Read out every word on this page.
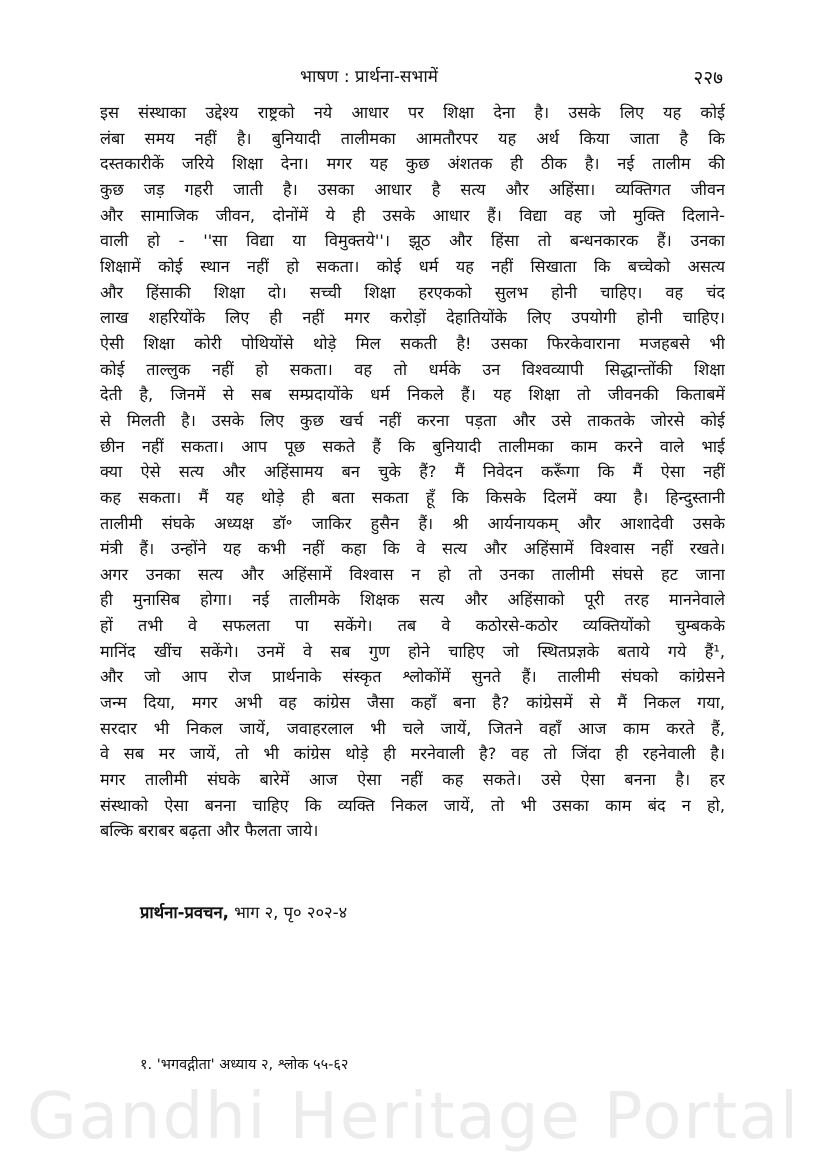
भाषण : प्रार्थना-सभामें	२२७
इस संस्थाका उद्देश्य राष्ट्रको नये आधार पर शिक्षा देना है। उसके लिए यह कोई
लंबा समय नहीं है। बुनियादी तालीमका आमतौरपर यह अर्थ किया जाता है कि
दस्तकारीकें जरिये शिक्षा देना। मगर यह कुछ अंशतक ही ठीक है। नई तालीम की
कुछ जड़ गहरी जाती है। उसका आधार है सत्य और अहिंसा। व्यक्तिगत जीवन
और सामाजिक जीवन, दोनोंमें ये ही उसके आधार हैं। विद्या वह जो मुक्ति दिलाने-
वाली हो - ''सा विद्या या विमुक्तये''। झूठ और हिंसा तो बन्धनकारक हैं। उनका
शिक्षामें कोई स्थान नहीं हो सकता। कोई धर्म यह नहीं सिखाता कि बच्चेको असत्य
और हिंसाकी शिक्षा दो। सच्ची शिक्षा हरएकको सुलभ होनी चाहिए। वह चंद
लाख शहरियोंके लिए ही नहीं मगर करोड़ों देहातियोंके लिए उपयोगी होनी चाहिए।
ऐसी शिक्षा कोरी पोथियोंसे थोड़े मिल सकती है! उसका फिरकेवाराना मजहबसे भी
कोई ताल्लुक नहीं हो सकता। वह तो धर्मके उन विश्वव्यापी सिद्धान्तोंकी शिक्षा
देती है, जिनमें से सब सम्प्रदायोंके धर्म निकले हैं। यह शिक्षा तो जीवनकी किताबमें
से मिलती है। उसके लिए कुछ खर्च नहीं करना पड़ता और उसे ताकतके जोरसे कोई
छीन नहीं सकता। आप पूछ सकते हैं कि बुनियादी तालीमका काम करने वाले भाई
क्या ऐसे सत्य और अहिंसामय बन चुके हैं? मैं निवेदन करूँगा कि मैं ऐसा नहीं
कह सकता। मैं यह थोड़े ही बता सकता हूँ कि किसके दिलमें क्या है। हिन्दुस्तानी
तालीमी संघके अध्यक्ष डॉ॰ जाकिर हुसैन हैं। श्री आर्यनायकम् और आशादेवी उसके
मंत्री हैं। उन्होंने यह कभी नहीं कहा कि वे सत्य और अहिंसामें विश्वास नहीं रखते।
अगर उनका सत्य और अहिंसामें विश्वास न हो तो उनका तालीमी संघसे हट जाना
ही मुनासिब होगा। नई तालीमके शिक्षक सत्य और अहिंसाको पूरी तरह माननेवाले
हों तभी वे सफलता पा सकेंगे। तब वे कठोरसे-कठोर व्यक्तियोंको चुम्बकके
मानिंद खींच सकेंगे। उनमें वे सब गुण होने चाहिए जो स्थितप्रज्ञके बताये गये हैं¹,
और जो आप रोज प्रार्थनाके संस्कृत श्लोकोंमें सुनते हैं। तालीमी संघको कांग्रेसने
जन्म दिया, मगर अभी वह कांग्रेस जैसा कहाँ बना है? कांग्रेसमें से मैं निकल गया,
सरदार भी निकल जायें, जवाहरलाल भी चले जायें, जितने वहाँ आज काम करते हैं,
वे सब मर जायें, तो भी कांग्रेस थोड़े ही मरनेवाली है? वह तो जिंदा ही रहनेवाली है।
मगर तालीमी संघके बारेमें आज ऐसा नहीं कह सकते। उसे ऐसा बनना है। हर
संस्थाको ऐसा बनना चाहिए कि व्यक्ति निकल जायें, तो भी उसका काम बंद न हो,
बल्कि बराबर बढ़ता और फैलता जाये।
प्रार्थना-प्रवचन, भाग २, पृ० २०२-४
१. 'भगवद्गीता' अध्याय २, श्लोक ५५-६२
Gandhi Heritage Portal
